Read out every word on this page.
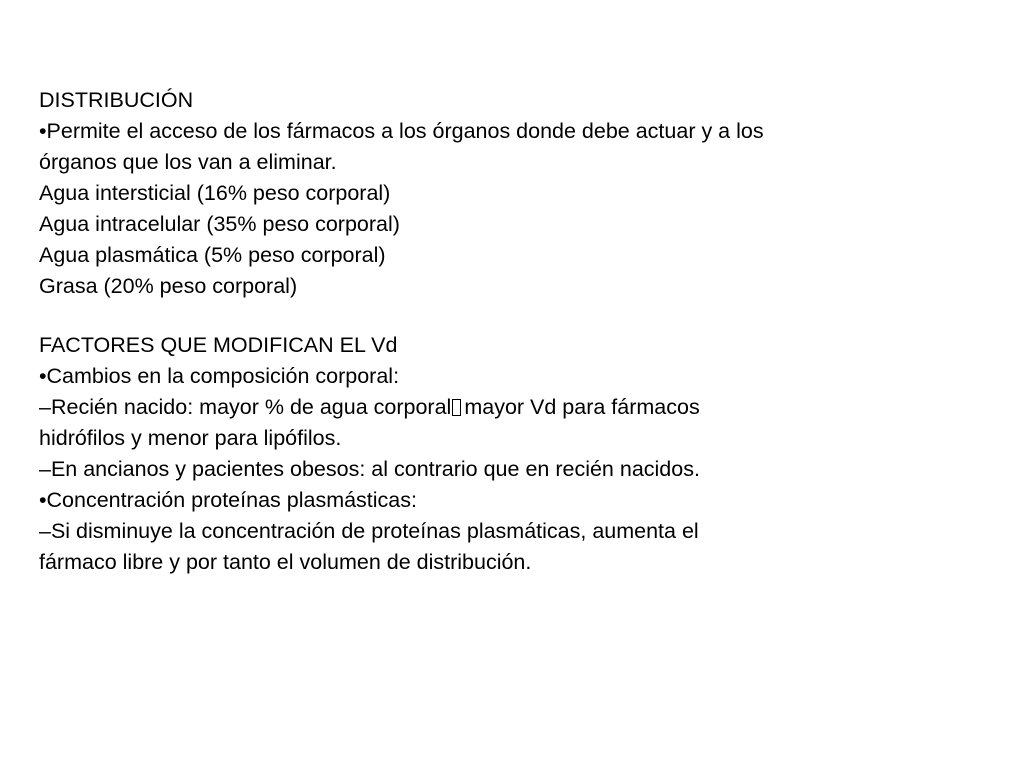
DISTRIBUCIÓN
•Permite el acceso de los fármacos a los órganos donde debe actuar y a los
órganos que los van a eliminar.
Agua intersticial (16% peso corporal)
Agua intracelular (35% peso corporal)
Agua plasmática (5% peso corporal)
Grasa (20% peso corporal)
FACTORES QUE MODIFICAN EL Vd
•Cambios en la composición corporal:
–Recién nacido: mayor % de agua corporal mayor Vd para fármacos
hidrófilos y menor para lipófilos.
–En ancianos y pacientes obesos: al contrario que en recién nacidos.
•Concentración proteínas plasmásticas:
–Si disminuye la concentración de proteínas plasmáticas, aumenta el
fármaco libre y por tanto el volumen de distribución.
